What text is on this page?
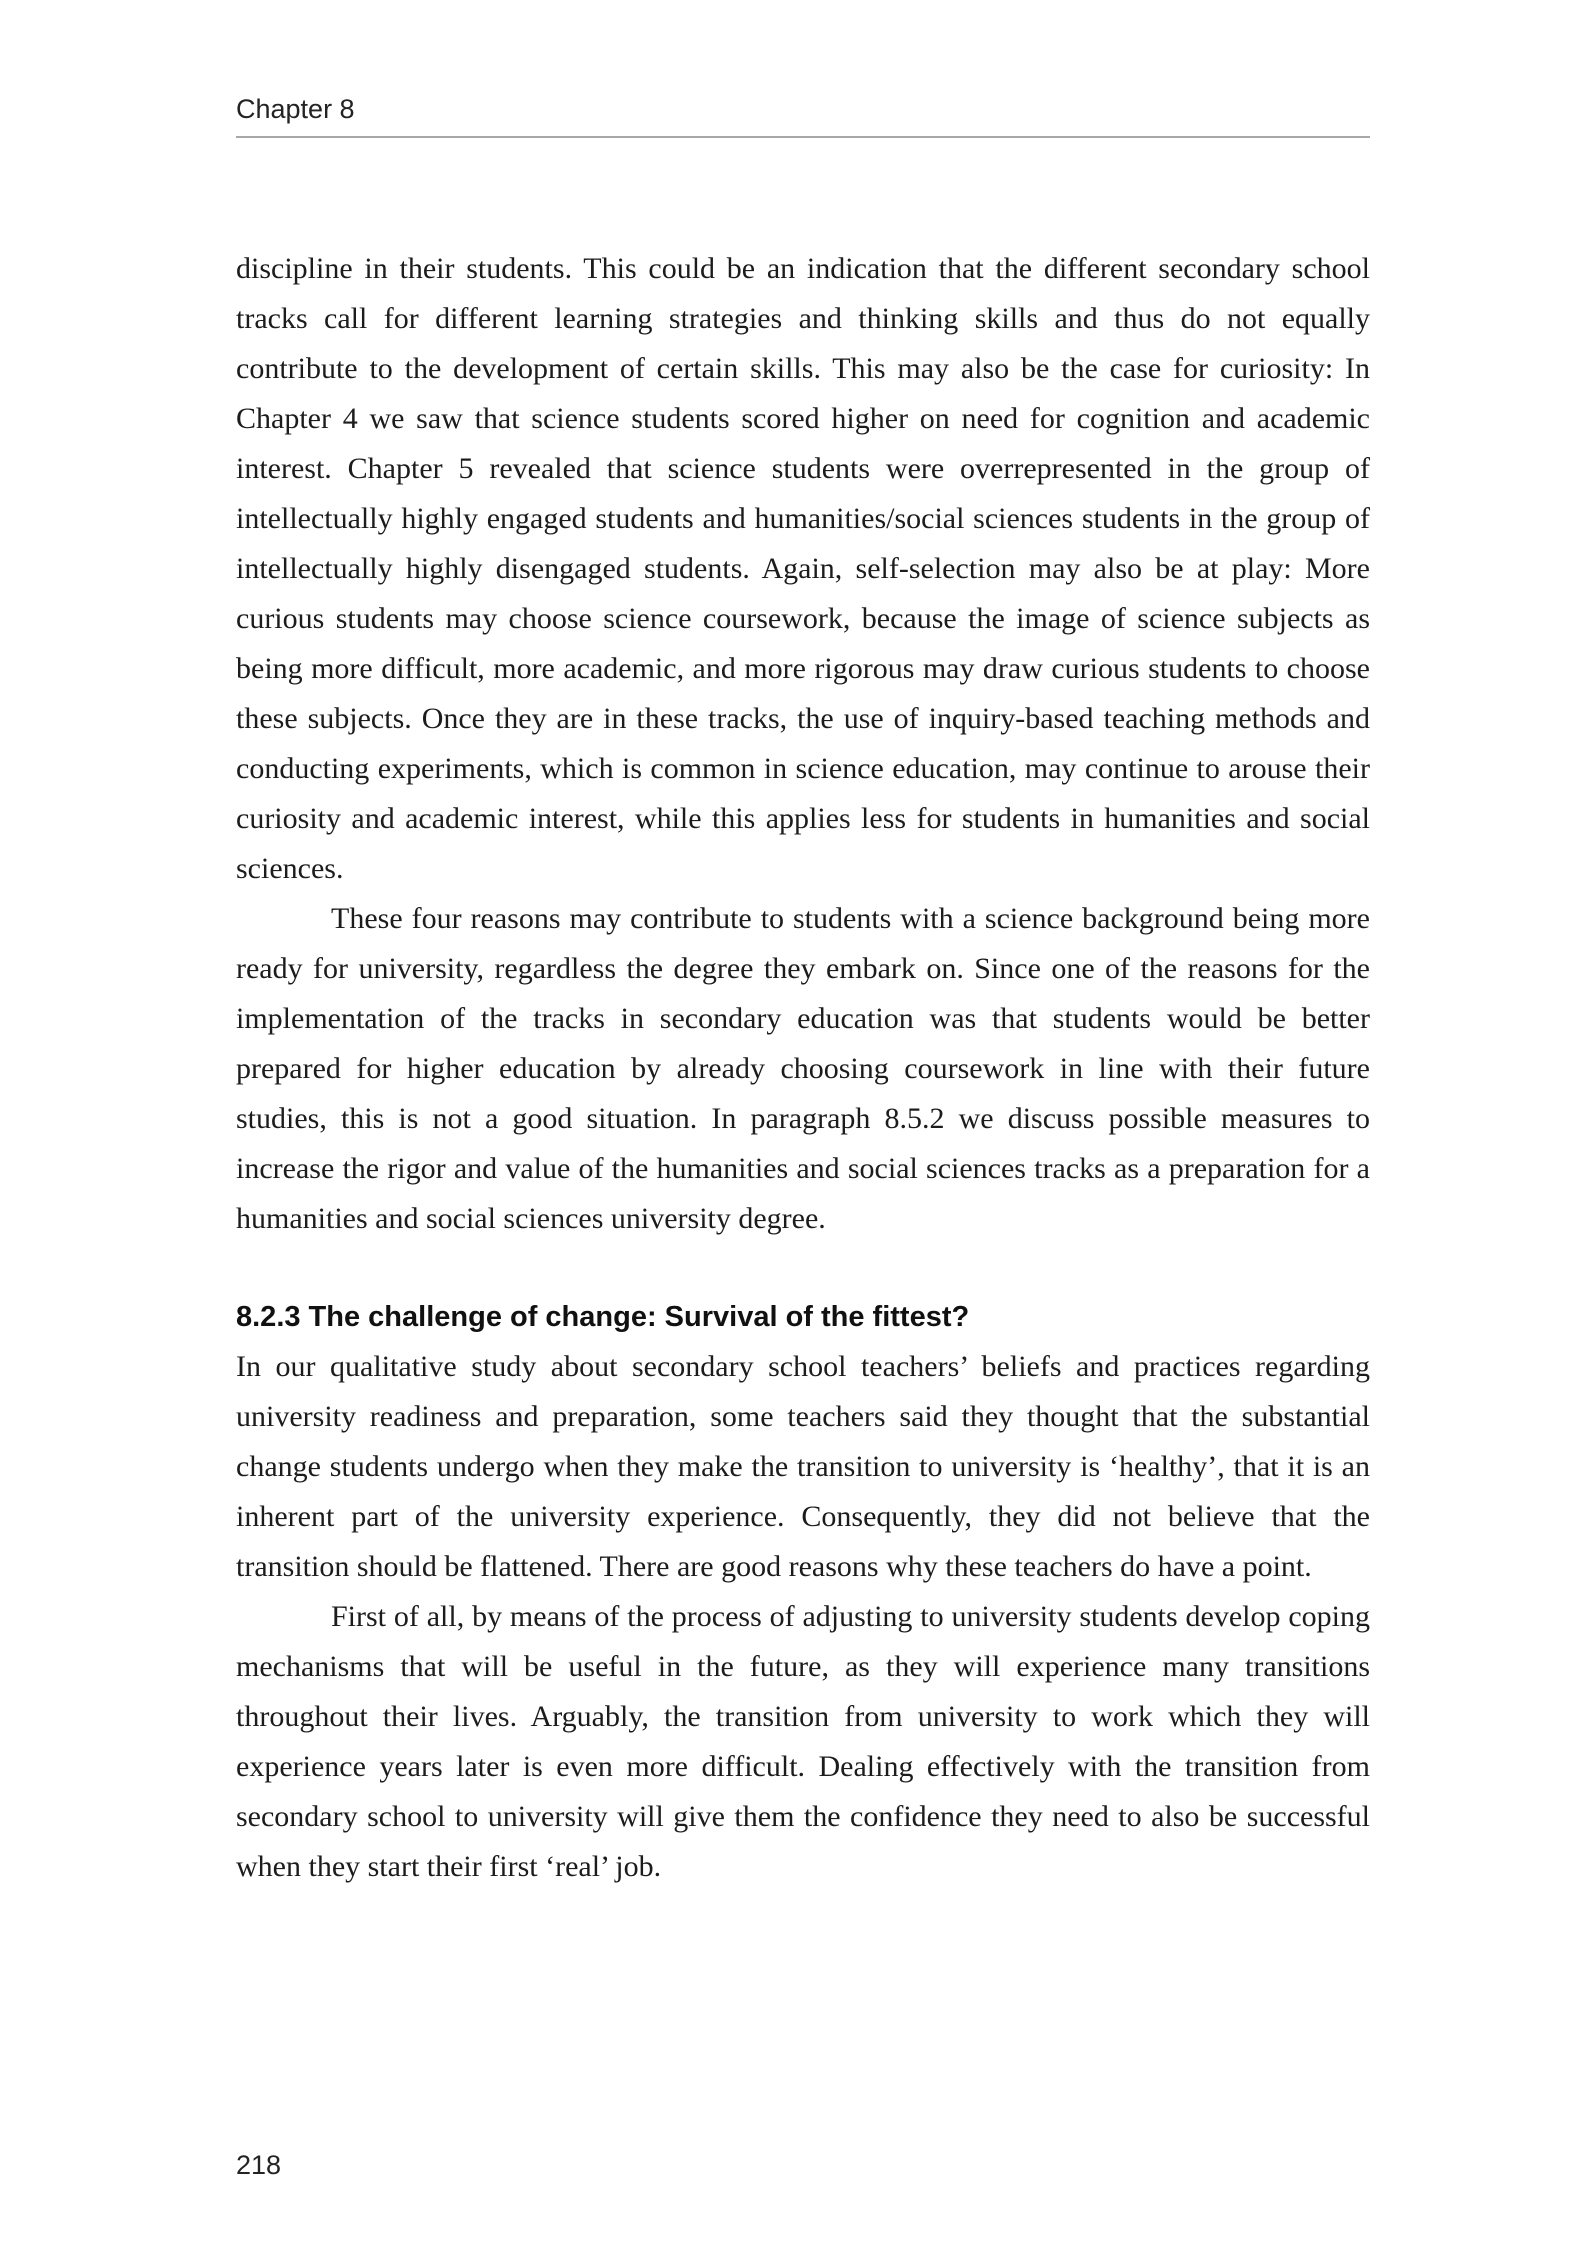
Chapter 8

discipline in their students. This could be an indication that the different secondary school tracks call for different learning strategies and thinking skills and thus do not equally contribute to the development of certain skills. This may also be the case for curiosity: In Chapter 4 we saw that science students scored higher on need for cognition and academic interest. Chapter 5 revealed that science students were overrepresented in the group of intellectually highly engaged students and humanities/social sciences students in the group of intellectually highly disengaged students. Again, self-selection may also be at play: More curious students may choose science coursework, because the image of science subjects as being more difficult, more academic, and more rigorous may draw curious students to choose these subjects. Once they are in these tracks, the use of inquiry-based teaching methods and conducting experiments, which is common in science education, may continue to arouse their curiosity and academic interest, while this applies less for students in humanities and social sciences.

These four reasons may contribute to students with a science background being more ready for university, regardless the degree they embark on. Since one of the reasons for the implementation of the tracks in secondary education was that students would be better prepared for higher education by already choosing coursework in line with their future studies, this is not a good situation. In paragraph 8.5.2 we discuss possible measures to increase the rigor and value of the humanities and social sciences tracks as a preparation for a humanities and social sciences university degree.

8.2.3 The challenge of change: Survival of the fittest?

In our qualitative study about secondary school teachers’ beliefs and practices regarding university readiness and preparation, some teachers said they thought that the substantial change students undergo when they make the transition to university is ‘healthy’, that it is an inherent part of the university experience. Consequently, they did not believe that the transition should be flattened. There are good reasons why these teachers do have a point.

First of all, by means of the process of adjusting to university students develop coping mechanisms that will be useful in the future, as they will experience many transitions throughout their lives. Arguably, the transition from university to work which they will experience years later is even more difficult. Dealing effectively with the transition from secondary school to university will give them the confidence they need to also be successful when they start their first ‘real’ job.

218
